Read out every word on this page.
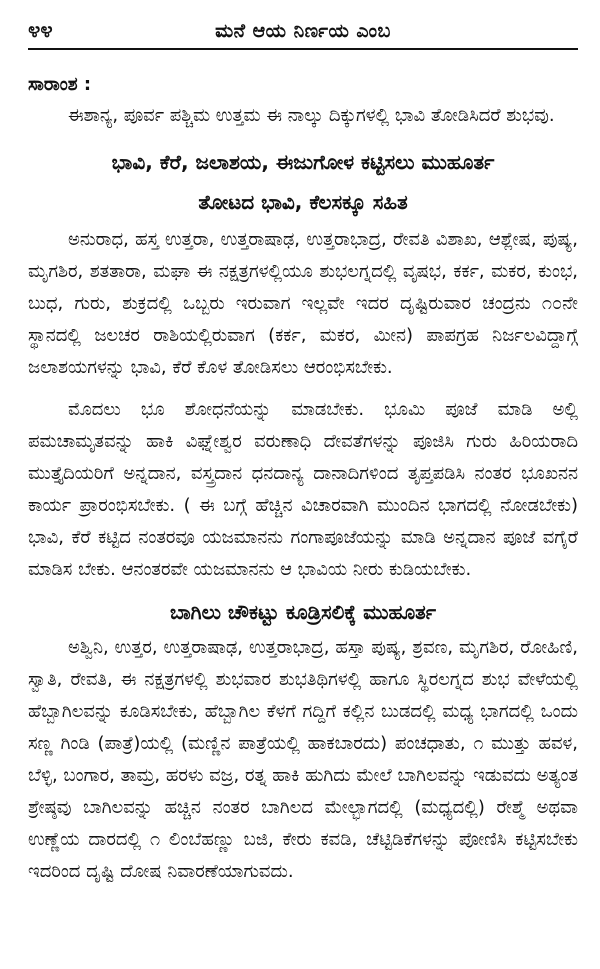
೪೪	ಮನೆ ಆಯ ನಿರ್ಣಯ ಎಂಬ
ಸಾರಾಂಶ :

ಈಶಾನ್ಯ, ಪೂರ್ವ ಪಶ್ಚಿಮ ಉತ್ತಮ ಈ ನಾಲ್ಕು ದಿಕ್ಕುಗಳಲ್ಲಿ ಭಾವಿ ತೋಡಿಸಿದರೆ ಶುಭವು.

ಭಾವಿ, ಕೆರೆ, ಜಲಾಶಯ, ಈಜುಗೋಳ ಕಟ್ಟಿಸಲು ಮುಹೂರ್ತ
ತೋಟದ ಭಾವಿ, ಕೆಲಸಕ್ಕೂ ಸಹಿತ

ಅನುರಾಧ, ಹಸ್ತ ಉತ್ತರಾ, ಉತ್ತರಾಷಾಢ, ಉತ್ತರಾಭಾದ್ರ, ರೇವತಿ ವಿಶಾಖ, ಆಶ್ಲೇಷ, ಪುಷ್ಯ, ಮೃಗಶಿರ, ಶತತಾರಾ, ಮಘಾ ಈ ನಕ್ಷತ್ರಗಳಲ್ಲಿಯೂ ಶುಭಲಗ್ನದಲ್ಲಿ ವೃಷಭ, ಕರ್ಕ, ಮಕರ, ಕುಂಭ, ಬುಧ, ಗುರು, ಶುಕ್ರದಲ್ಲಿ ಒಬ್ಬರು ಇರುವಾಗ ಇಲ್ಲವೇ ಇದರ ದೃಷ್ಟಿರುವಾರ ಚಂದ್ರನು ೧೦ನೇ ಸ್ಥಾನದಲ್ಲಿ ಜಲಚರ ರಾಶಿಯಲ್ಲಿರುವಾಗ (ಕರ್ಕ, ಮಕರ, ಮೀನ) ಪಾಪಗ್ರಹ ನಿರ್ಜಲವಿದ್ದಾಗ್ಗೆ ಜಲಾಶಯಗಳನ್ನು ಭಾವಿ, ಕೆರೆ ಕೊಳ ತೋಡಿಸಲು ಆರಂಭಿಸಬೇಕು.

ಮೊದಲು ಭೂ ಶೋಧನೆಯನ್ನು ಮಾಡಬೇಕು. ಭೂಮಿ ಪೂಜೆ ಮಾಡಿ ಅಲ್ಲಿ ಪಮಚಾಮೃತವನ್ನು ಹಾಕಿ ವಿಘ್ನೇಶ್ವರ ವರುಣಾಧಿ ದೇವತೆಗಳನ್ನು ಪೂಜಿಸಿ ಗುರು ಹಿರಿಯರಾದಿ ಮುತ್ತೈದಿಯರಿಗೆ ಅನ್ನದಾನ, ವಸ್ತ್ರದಾನ ಧನದಾನ್ಯ ದಾನಾದಿಗಳಿಂದ ತೃಪ್ತಪಡಿಸಿ ನಂತರ ಭೂಖನನ ಕಾರ್ಯ ಪ್ರಾರಂಭಿಸಬೇಕು. ( ಈ ಬಗ್ಗೆ ಹೆಚ್ಚಿನ ವಿಚಾರವಾಗಿ ಮುಂದಿನ ಭಾಗದಲ್ಲಿ ನೋಡಬೇಕು) ಭಾವಿ, ಕೆರೆ ಕಟ್ಟಿದ ನಂತರವೂ ಯಜಮಾನನು ಗಂಗಾಪೂಜೆಯನ್ನು ಮಾಡಿ ಅನ್ನದಾನ ಪೂಜೆ ವಗೈರೆ ಮಾಡಿಸ ಬೇಕು. ಆನಂತರವೇ ಯಜಮಾನನು ಆ ಭಾವಿಯ ನೀರು ಕುಡಿಯಬೇಕು.

ಬಾಗಿಲು ಚೌಕಟ್ಟು ಕೂಡ್ರಿಸಲಿಕ್ಕೆ ಮುಹೂರ್ತ

ಅಶ್ವಿನಿ, ಉತ್ತರ, ಉತ್ತರಾಷಾಢ, ಉತ್ತರಾಭಾದ್ರ, ಹಸ್ತಾ ಪುಷ್ಯ, ಶ್ರವಣ, ಮೃಗಶಿರ, ರೋಹಿಣಿ, ಸ್ವಾತಿ, ರೇವತಿ, ಈ ನಕ್ಷತ್ರಗಳಲ್ಲಿ ಶುಭವಾರ ಶುಭತಿಥಿಗಳಲ್ಲಿ ಹಾಗೂ ಸ್ಥಿರಲಗ್ನದ ಶುಭ ವೇಳೆಯಲ್ಲಿ ಹೆಬ್ಬಾಗಿಲವನ್ನು ಕೂಡಿಸಬೇಕು, ಹೆಬ್ಬಾಗಿಲ ಕೆಳಗೆ ಗದ್ದಿಗೆ ಕಲ್ಲಿನ ಬುಡದಲ್ಲಿ ಮಧ್ಯ ಭಾಗದಲ್ಲಿ ಒಂದು ಸಣ್ಣ ಗಿಂಡಿ (ಪಾತ್ರೆ)ಯಲ್ಲಿ (ಮಣ್ಣಿನ ಪಾತ್ರೆಯಲ್ಲಿ ಹಾಕಬಾರದು) ಪಂಚಧಾತು, ೧ ಮುತ್ತು ಹವಳ, ಬೆಳ್ಳಿ, ಬಂಗಾರ, ತಾಮ್ರ, ಹರಳು ವಜ್ರ, ರತ್ನ ಹಾಕಿ ಹುಗಿದು ಮೇಲೆ ಬಾಗಿಲವನ್ನು ಇಡುವದು ಅತ್ಯಂತ ಶ್ರೇಷ್ಠವು ಬಾಗಿಲವನ್ನು ಹಚ್ಚಿನ ನಂತರ ಬಾಗಿಲದ ಮೇಲ್ಭಾಗದಲ್ಲಿ (ಮಧ್ಯದಲ್ಲಿ) ರೇಶ್ಮೆ ಅಥವಾ ಉಣ್ಣೆಯ ದಾರದಲ್ಲಿ ೧ ಲಿಂಬೆಹಣ್ಣು ಬಜಿ, ಕೇರು ಕವಡಿ, ಚೆಟ್ಟಿಡಿಕೆಗಳನ್ನು ಪೋಣಿಸಿ ಕಟ್ಟಿಸಬೇಕು ಇದರಿಂದ ದೃಷ್ಟಿ ದೋಷ ನಿವಾರಣೆಯಾಗುವದು.
